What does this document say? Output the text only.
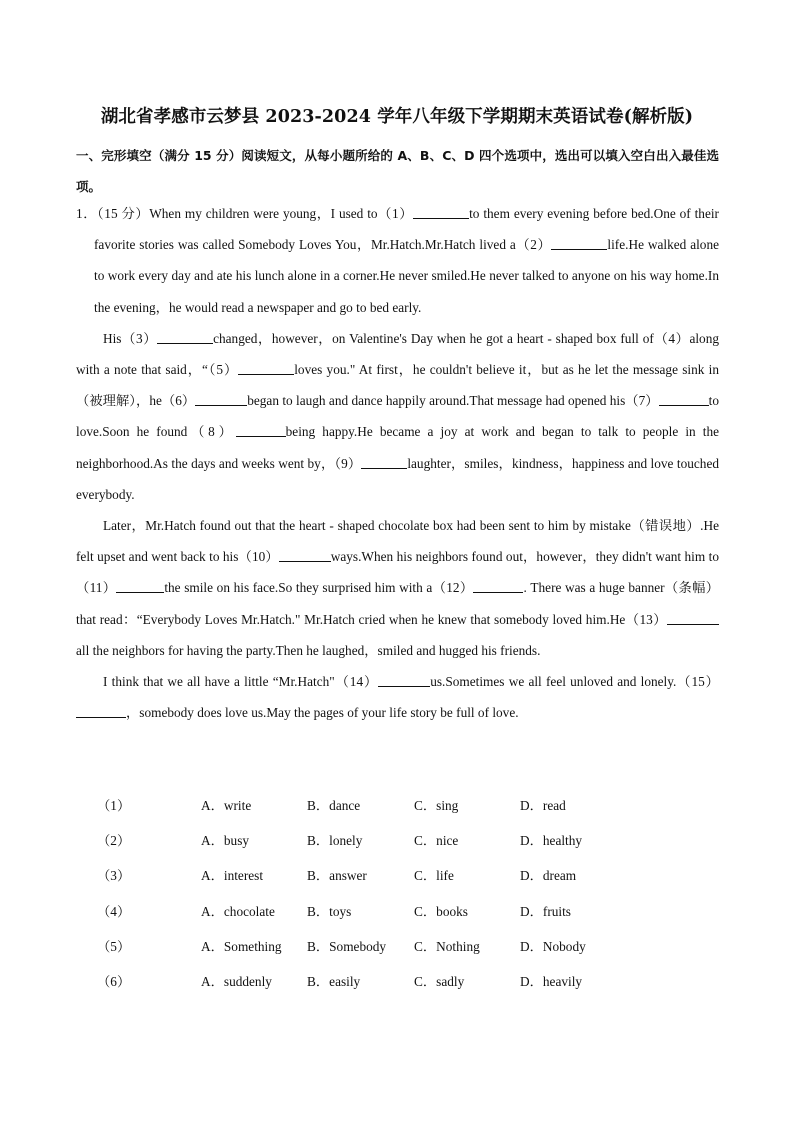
湖北省孝感市云梦县 2023-2024 学年八年级下学期期末英语试卷(解析版)
一、完形填空（满分 15 分）阅读短文，从每小题所给的 A、B、C、D 四个选项中，选出可以填入空白出入最佳选项。

1．（15 分）When my children were young，I used to（1）	to them every evening before bed.One of their favorite stories was called Somebody Loves You，Mr.Hatch.Mr.Hatch lived a（2）	life.He walked alone to work every day and ate his lunch alone in a corner.He never smiled.He never talked to anyone on his way home.In the evening，he would read a newspaper and go to bed early.

His（3）	changed，however，on Valentine's Day when he got a heart - shaped box full of（4）along with a note that said，“（5）	loves you." At first，he couldn't believe it，but as he let the message sink in（被理解），he（6）	began to laugh and dance happily around.That message had opened his（7）	to love.Soon he found（8）	being happy.He became a joy at work and began to talk to people in the neighborhood.As the days and weeks went by，（9）	laughter，smiles，kindness，happiness and love touched everybody.

Later，Mr.Hatch found out that the heart - shaped chocolate box had been sent to him by mistake（错误地）.He felt upset and went back to his（10）	ways.When his neighbors found out，however，they didn't want him to（11）	the smile on his face.So they surprised him with a（12）	. There was a huge banner（条幅） that read：“Everybody Loves Mr.Hatch." Mr.Hatch cried when he knew that somebody loved him.He（13）all the neighbors for having the party.Then he laughed，smiled and hugged his friends.

I think that we all have a little “Mr.Hatch"（14）	us.Sometimes we all feel unloved and lonely.（15），somebody does love us.May the pages of your life story be full of love.

（1）	A．write	B．dance	C．sing	D．read
（2）	A．busy	B．lonely	C．nice	D．healthy
（3）	A．interest	B．answer	C．life	D．dream
（4）	A．chocolate B．toys	C．books	D．fruits
（5）	A．Something B．Somebody C．Nothing	D．Nobody
（6）	A．suddenly	B．easily	C．sadly	D．heavily
